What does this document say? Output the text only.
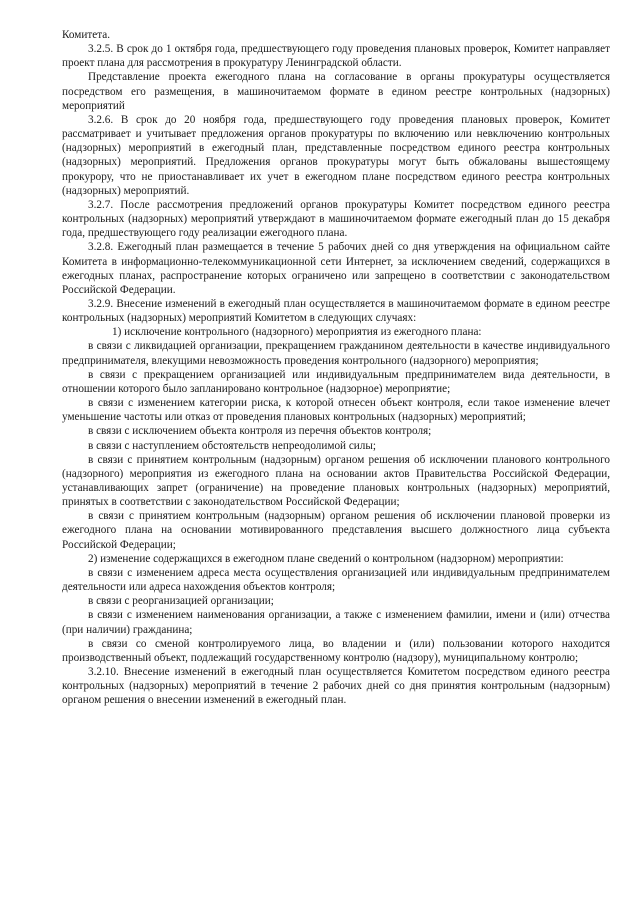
Комитета.

3.2.5. В срок до 1 октября года, предшествующего году проведения плановых проверок, Комитет направляет проект плана для рассмотрения в прокуратуру Ленинградской области.

Представление проекта ежегодного плана на согласование в органы прокуратуры осуществляется посредством его размещения, в машиночитаемом формате в едином реестре контрольных (надзорных) мероприятий

3.2.6. В срок до 20 ноября года, предшествующего году проведения плановых проверок, Комитет рассматривает и учитывает предложения органов прокуратуры по включению или невключению контрольных (надзорных) мероприятий в ежегодный план, представленные посредством единого реестра контрольных (надзорных) мероприятий. Предложения органов прокуратуры могут быть обжалованы вышестоящему прокурору, что не приостанавливает их учет в ежегодном плане посредством единого реестра контрольных (надзорных) мероприятий.

3.2.7. После рассмотрения предложений органов прокуратуры Комитет посредством единого реестра контрольных (надзорных) мероприятий утверждают в машиночитаемом формате ежегодный план до 15 декабря года, предшествующего году реализации ежегодного плана.

3.2.8. Ежегодный план размещается в течение 5 рабочих дней со дня утверждения на официальном сайте Комитета в информационно-телекоммуникационной сети Интернет, за исключением сведений, содержащихся в ежегодных планах, распространение которых ограничено или запрещено в соответствии с законодательством Российской Федерации.

3.2.9. Внесение изменений в ежегодный план осуществляется в машиночитаемом формате в едином реестре контрольных (надзорных) мероприятий Комитетом в следующих случаях:

1) исключение контрольного (надзорного) мероприятия из ежегодного плана:

в связи с ликвидацией организации, прекращением гражданином деятельности в качестве индивидуального предпринимателя, влекущими невозможность проведения контрольного (надзорного) мероприятия;

в связи с прекращением организацией или индивидуальным предпринимателем вида деятельности, в отношении которого было запланировано контрольное (надзорное) мероприятие;

в связи с изменением категории риска, к которой отнесен объект контроля, если такое изменение влечет уменьшение частоты или отказ от проведения плановых контрольных (надзорных) мероприятий;

в связи с исключением объекта контроля из перечня объектов контроля;

в связи с наступлением обстоятельств непреодолимой силы;

в связи с принятием контрольным (надзорным) органом решения об исключении планового контрольного (надзорного) мероприятия из ежегодного плана на основании актов Правительства Российской Федерации, устанавливающих запрет (ограничение) на проведение плановых контрольных (надзорных) мероприятий, принятых в соответствии с законодательством Российской Федерации;

в связи с принятием контрольным (надзорным) органом решения об исключении плановой проверки из ежегодного плана на основании мотивированного представления высшего должностного лица субъекта Российской Федерации;

2) изменение содержащихся в ежегодном плане сведений о контрольном (надзорном) мероприятии:

в связи с изменением адреса места осуществления организацией или индивидуальным предпринимателем деятельности или адреса нахождения объектов контроля;

в связи с реорганизацией организации;

в связи с изменением наименования организации, а также с изменением фамилии, имени и (или) отчества (при наличии) гражданина;

в связи со сменой контролируемого лица, во владении и (или) пользовании которого находится производственный объект, подлежащий государственному контролю (надзору), муниципальному контролю;

3.2.10. Внесение изменений в ежегодный план осуществляется Комитетом посредством единого реестра контрольных (надзорных) мероприятий в течение 2 рабочих дней со дня принятия контрольным (надзорным) органом решения о внесении изменений в ежегодный план.
